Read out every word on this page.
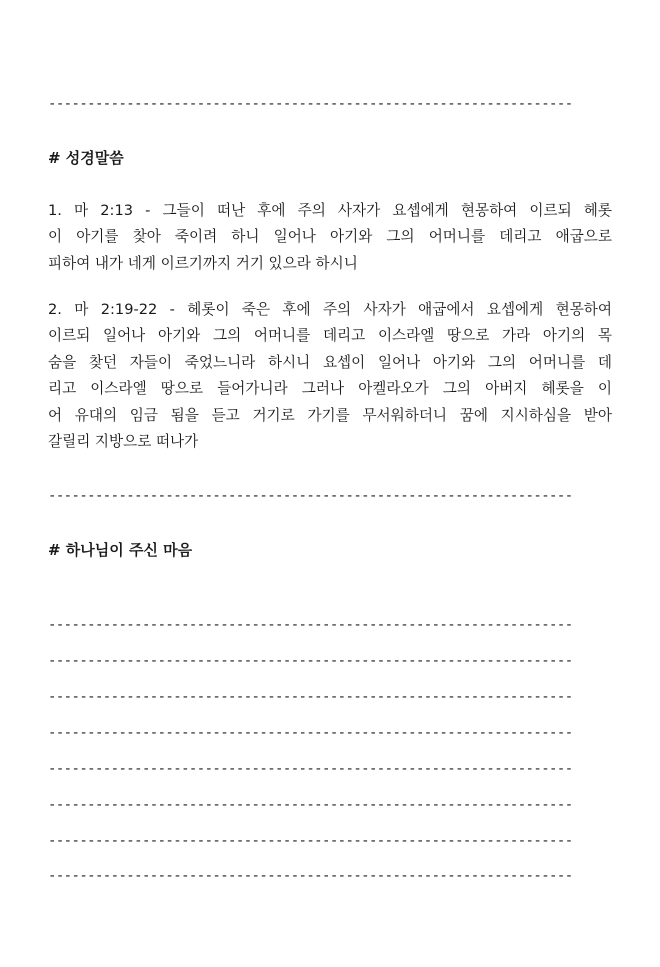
-------------------------------------------------------------------
# 성경말씀
1. 마 2:13 - 그들이 떠난 후에 주의 사자가 요셉에게 현몽하여 이르되 헤롯
이 아기를 찾아 죽이려 하니 일어나 아기와 그의 어머니를 데리고 애굽으로
피하여 내가 네게 이르기까지 거기 있으라 하시니
2. 마 2:19-22 - 헤롯이 죽은 후에 주의 사자가 애굽에서 요셉에게 현몽하여
이르되 일어나 아기와 그의 어머니를 데리고 이스라엘 땅으로 가라 아기의 목
숨을 찾던 자들이 죽었느니라 하시니 요셉이 일어나 아기와 그의 어머니를 데
리고 이스라엘 땅으로 들어가니라 그러나 아켈라오가 그의 아버지 헤롯을 이
어 유대의 임금 됨을 듣고 거기로 가기를 무서워하더니 꿈에 지시하심을 받아
갈릴리 지방으로 떠나가
-------------------------------------------------------------------
# 하나님이 주신 마음
-------------------------------------------------------------------
-------------------------------------------------------------------
-------------------------------------------------------------------
-------------------------------------------------------------------
-------------------------------------------------------------------
-------------------------------------------------------------------
-------------------------------------------------------------------
-------------------------------------------------------------------
